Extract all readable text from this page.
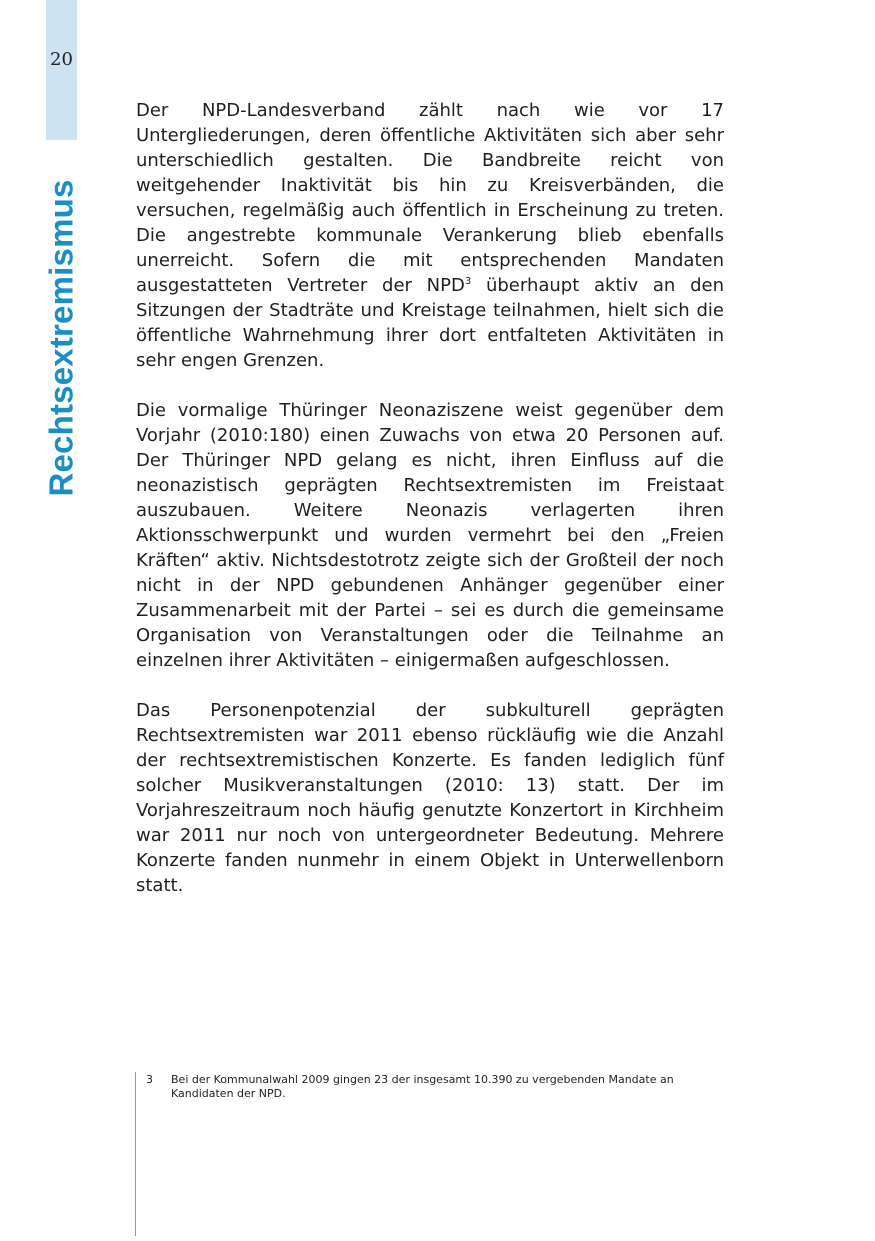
20
Rechtsextremismus

Der NPD-Landesverband zählt nach wie vor 17 Untergliederungen, deren öffentliche Aktivitäten sich aber sehr unterschiedlich gestalten. Die Bandbreite reicht von weitgehender Inaktivität bis hin zu Kreisverbänden, die versuchen, regelmäßig auch öffentlich in Erscheinung zu treten. Die angestrebte kommunale Verankerung blieb ebenfalls unerreicht. Sofern die mit entsprechenden Mandaten ausgestatteten Vertreter der NPD$^3$ überhaupt aktiv an den Sitzungen der Stadträte und Kreistage teilnahmen, hielt sich die öffentliche Wahrnehmung ihrer dort entfalteten Aktivitäten in sehr engen Grenzen.

Die vormalige Thüringer Neonaziszene weist gegenüber dem Vorjahr (2010:180) einen Zuwachs von etwa 20 Personen auf. Der Thüringer NPD gelang es nicht, ihren Einfluss auf die neonazistisch geprägten Rechtsextremisten im Freistaat auszubauen. Weitere Neonazis verlagerten ihren Aktionsschwerpunkt und wurden vermehrt bei den „Freien Kräften“ aktiv. Nichtsdestotrotz zeigte sich der Großteil der noch nicht in der NPD gebundenen Anhänger gegenüber einer Zusammenarbeit mit der Partei – sei es durch die gemeinsame Organisation von Veranstaltungen oder die Teilnahme an einzelnen ihrer Aktivitäten – einigermaßen aufgeschlossen.

Das Personenpotenzial der subkulturell geprägten Rechtsextremisten war 2011 ebenso rückläufig wie die Anzahl der rechtsextremistischen Konzerte. Es fanden lediglich fünf solcher Musikveranstaltungen (2010: 13) statt. Der im Vorjahreszeitraum noch häufig genutzte Konzertort in Kirchheim war 2011 nur noch von untergeordneter Bedeutung. Mehrere Konzerte fanden nunmehr in einem Objekt in Unterwellenborn statt.

3	Bei der Kommunalwahl 2009 gingen 23 der insgesamt 10.390 zu vergebenden Mandate an Kandidaten der NPD.
